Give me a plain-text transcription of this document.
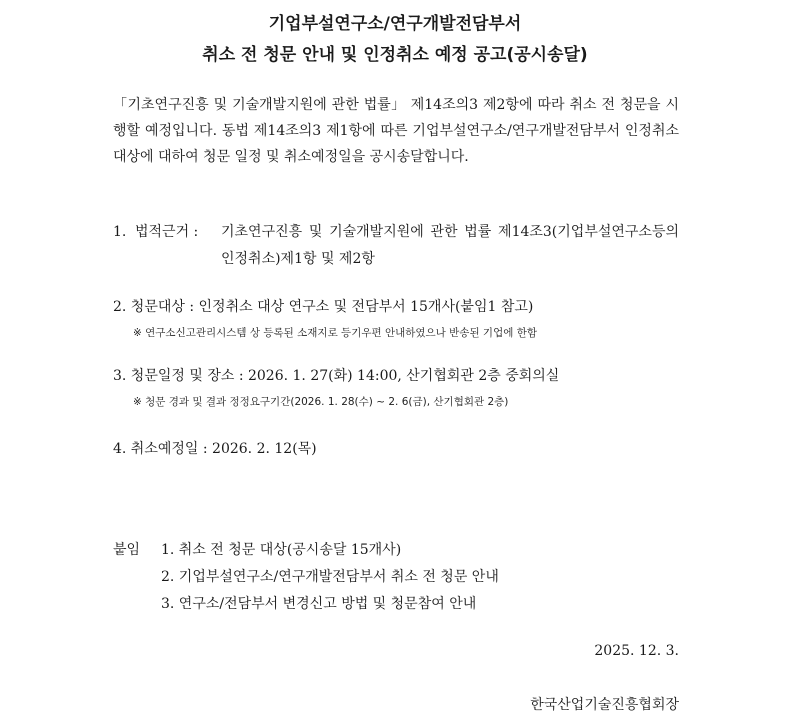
기업부설연구소/연구개발전담부서
취소 전 청문 안내 및 인정취소 예정 공고(공시송달)
「기초연구진흥 및 기술개발지원에 관한 법률」 제14조의3 제2항에 따라 취소 전 청문을 시행할 예정입니다. 동법 제14조의3 제1항에 따른 기업부설연구소/연구개발전담부서 인정취소 대상에 대하여 청문 일정 및 취소예정일을 공시송달합니다.
1. 법적근거 :	기초연구진흥 및 기술개발지원에 관한 법률 제14조3(기업부설연구소등의 인정취소)제1항 및 제2항
2. 청문대상 : 인정취소 대상 연구소 및 전담부서 15개사(붙임1 참고)
※ 연구소신고관리시스템 상 등록된 소재지로 등기우편 안내하였으나 반송된 기업에 한함
3. 청문일정 및 장소 : 2026. 1. 27(화) 14:00, 산기협회관 2층 중회의실
※ 청문 경과 및 결과 정정요구기간(2026. 1. 28(수) ~ 2. 6(금), 산기협회관 2층)
4. 취소예정일 : 2026. 2. 12(목)
붙임	1. 취소 전 청문 대상(공시송달 15개사)
2. 기업부설연구소/연구개발전담부서 취소 전 청문 안내
3. 연구소/전담부서 변경신고 방법 및 청문참여 안내
2025. 12. 3.
한국산업기술진흥협회장
